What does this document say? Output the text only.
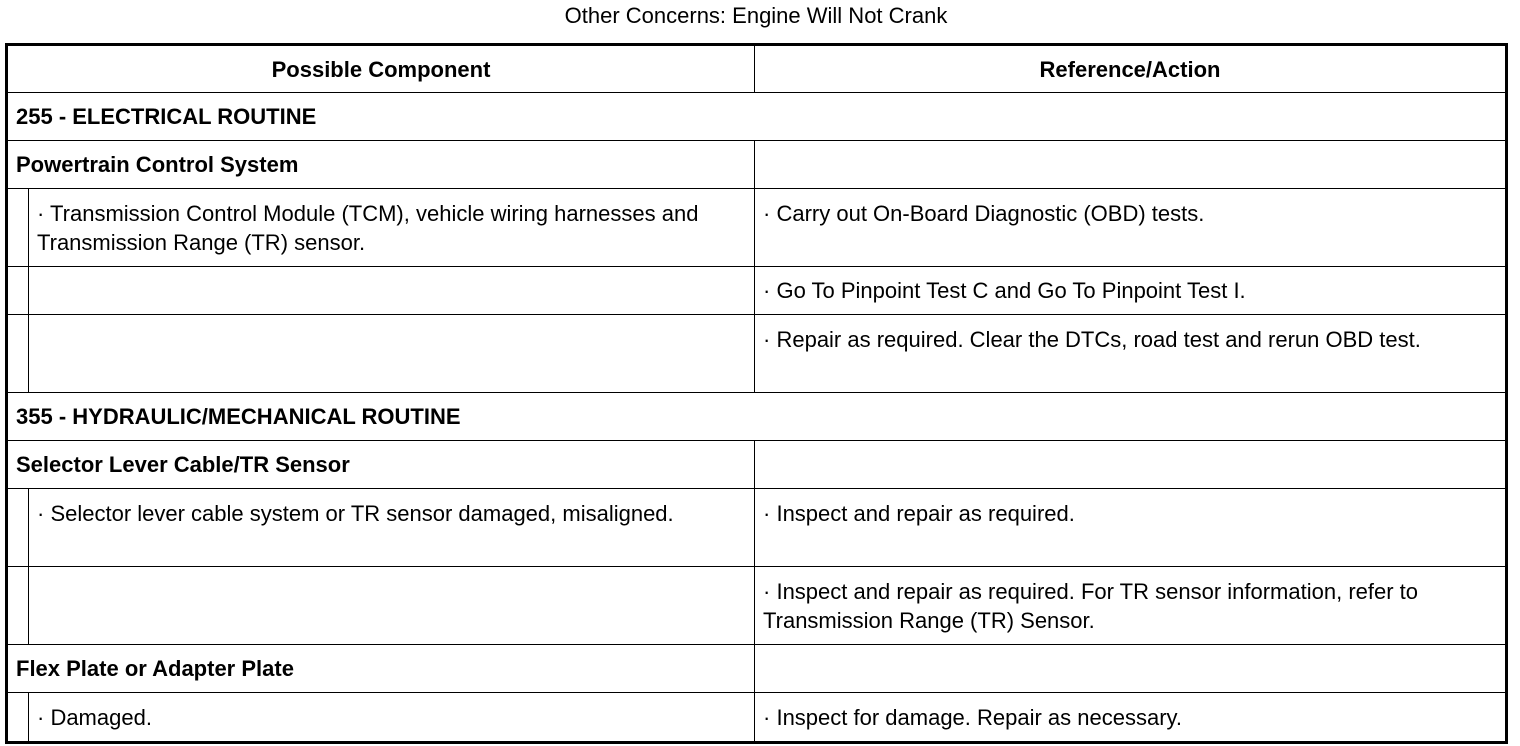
Other Concerns: Engine Will Not Crank
Possible Component		Reference/Action
255 - ELECTRICAL ROUTINE		
Powertrain Control System		
	· Transmission Control Module (TCM), vehicle wiring harnesses and Transmission Range (TR) sensor.	· Carry out On-Board Diagnostic (OBD) tests.
		· Go To Pinpoint Test C and Go To Pinpoint Test I.
		· Repair as required. Clear the DTCs, road test and rerun OBD test.
355 - HYDRAULIC/MECHANICAL ROUTINE		
Selector Lever Cable/TR Sensor		
	· Selector lever cable system or TR sensor damaged, misaligned.	· Inspect and repair as required.
		· Inspect and repair as required. For TR sensor information, refer to Transmission Range (TR) Sensor.
Flex Plate or Adapter Plate		
	· Damaged.	· Inspect for damage. Repair as necessary.
